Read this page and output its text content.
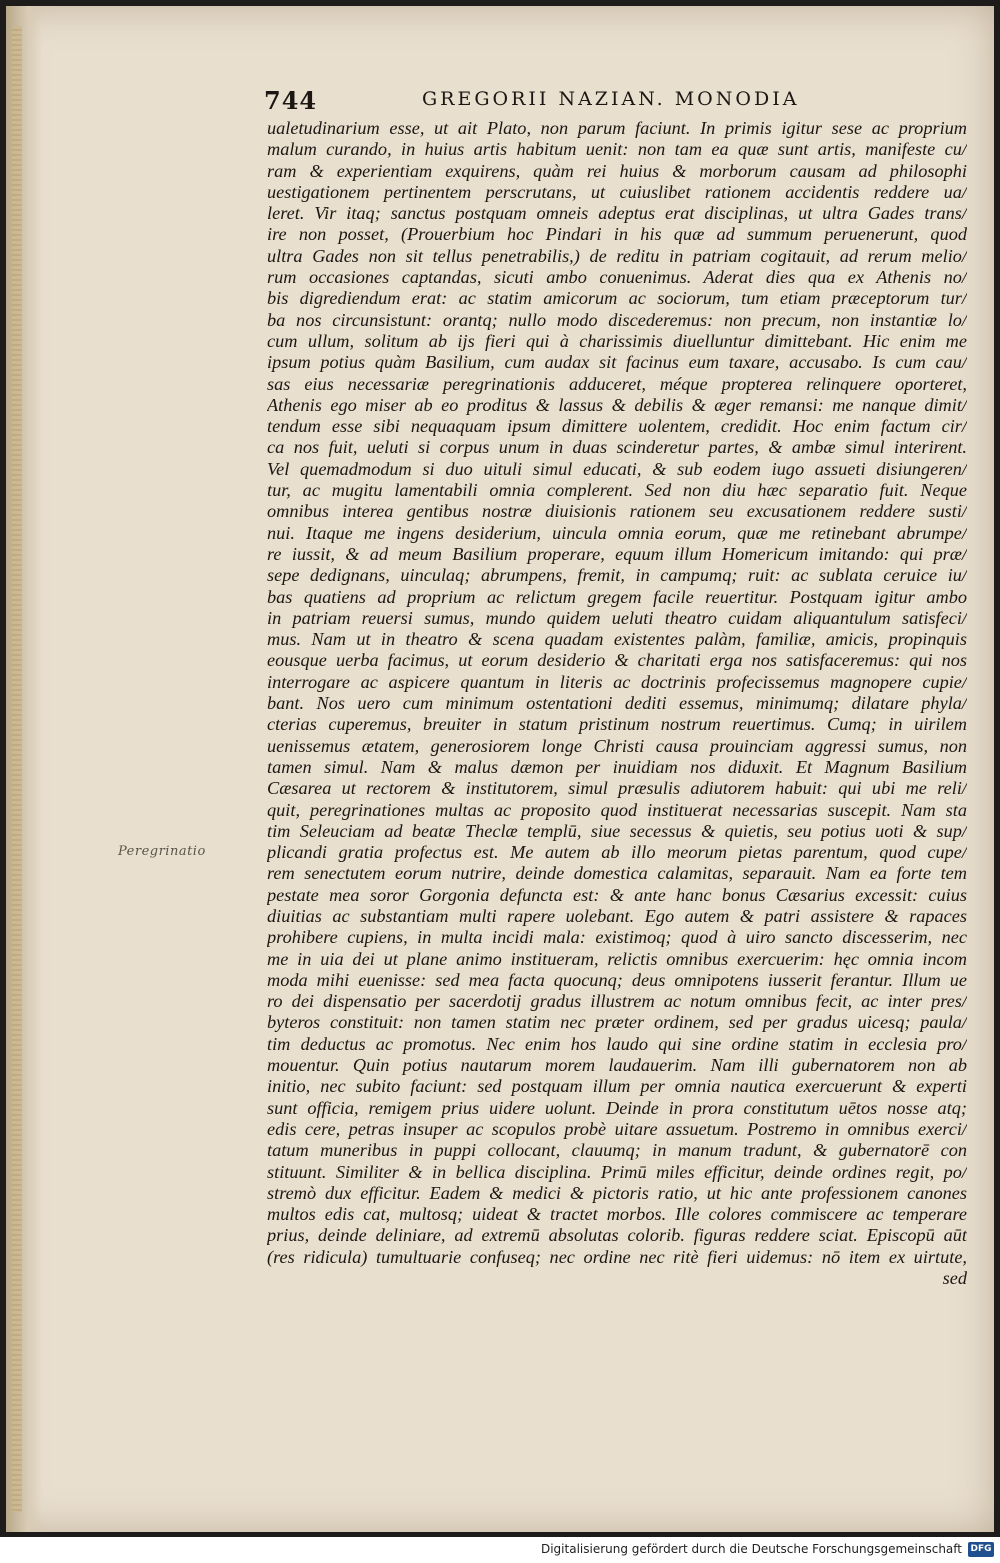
744	GREGORII NAZIAN. MONODIA
Peregrinatio
ualetudinarium esse, ut ait Plato, non parum faciunt. In primis igitur sese ac proprium
malum curando, in huius artis habitum uenit: non tam ea quæ sunt artis, manifeste cu/
ram & experientiam exquirens, quàm rei huius & morborum causam ad philosophi
uestigationem pertinentem perscrutans, ut cuiuslibet rationem accidentis reddere ua/
leret. Vir itaq; sanctus postquam omneis adeptus erat disciplinas, ut ultra Gades trans/
ire non posset, (Prouerbium hoc Pindari in his quæ ad summum peruenerunt, quod
ultra Gades non sit tellus penetrabilis,) de reditu in patriam cogitauit, ad rerum melio/
rum occasiones captandas, sicuti ambo conuenimus. Aderat dies qua ex Athenis no/
bis digrediendum erat: ac statim amicorum ac sociorum, tum etiam præceptorum tur/
ba nos circunsistunt: orantq; nullo modo discederemus: non precum, non instantiæ lo/
cum ullum, solitum ab ijs fieri qui à charissimis diuelluntur dimittebant. Hic enim me
ipsum potius quàm Basilium, cum audax sit facinus eum taxare, accusabo. Is cum cau/
sas eius necessariæ peregrinationis adduceret, méque propterea relinquere oporteret,
Athenis ego miser ab eo proditus & lassus & debilis & æger remansi: me nanque dimit/
tendum esse sibi nequaquam ipsum dimittere uolentem, credidit. Hoc enim factum cir/
ca nos fuit, ueluti si corpus unum in duas scinderetur partes, & ambæ simul interirent.
Vel quemadmodum si duo uituli simul educati, & sub eodem iugo assueti disiungeren/
tur, ac mugitu lamentabili omnia complerent. Sed non diu hæc separatio fuit. Neque
omnibus interea gentibus nostræ diuisionis rationem seu excusationem reddere susti/
nui. Itaque me ingens desiderium, uincula omnia eorum, quæ me retinebant abrumpe/
re iussit, & ad meum Basilium properare, equum illum Homericum imitando: qui præ/
sepe dedignans, uinculaq; abrumpens, fremit, in campumq; ruit: ac sublata ceruice iu/
bas quatiens ad proprium ac relictum gregem facile reuertitur. Postquam igitur ambo
in patriam reuersi sumus, mundo quidem ueluti theatro cuidam aliquantulum satisfeci/
mus. Nam ut in theatro & scena quadam existentes palàm, familiæ, amicis, propinquis
eousque uerba facimus, ut eorum desiderio & charitati erga nos satisfaceremus: qui nos
interrogare ac aspicere quantum in literis ac doctrinis profecissemus magnopere cupie/
bant. Nos uero cum minimum ostentationi dediti essemus, minimumq; dilatare phyla/
cterias cuperemus, breuiter in statum pristinum nostrum reuertimus. Cumq; in uirilem
uenissemus ætatem, generosiorem longe Christi causa prouinciam aggressi sumus, non
tamen simul. Nam & malus dæmon per inuidiam nos diduxit. Et Magnum Basilium
Cæsarea ut rectorem & institutorem, simul præsulis adiutorem habuit: qui ubi me reli/
quit, peregrinationes multas ac proposito quod instituerat necessarias suscepit. Nam sta
tim Seleuciam ad beatæ Theclæ templū, siue secessus & quietis, seu potius uoti & sup/
plicandi gratia profectus est. Me autem ab illo meorum pietas parentum, quod cupe/
rem senectutem eorum nutrire, deinde domestica calamitas, separauit. Nam ea forte tem
pestate mea soror Gorgonia defuncta est: & ante hanc bonus Cæsarius excessit: cuius
diuitias ac substantiam multi rapere uolebant. Ego autem & patri assistere & rapaces
prohibere cupiens, in multa incidi mala: existimoq; quod à uiro sancto discesserim, nec
me in uia dei ut plane animo institueram, relictis omnibus exercuerim: hęc omnia incom
moda mihi euenisse: sed mea facta quocunq; deus omnipotens iusserit ferantur. Illum ue
ro dei dispensatio per sacerdotij gradus illustrem ac notum omnibus fecit, ac inter pres/
byteros constituit: non tamen statim nec præter ordinem, sed per gradus uicesq; paula/
tim deductus ac promotus. Nec enim hos laudo qui sine ordine statim in ecclesia pro/
mouentur. Quin potius nautarum morem laudauerim. Nam illi gubernatorem non ab
initio, nec subito faciunt: sed postquam illum per omnia nautica exercuerunt & experti
sunt officia, remigem prius uidere uolunt. Deinde in prora constitutum uētos nosse atq;
edis cere, petras insuper ac scopulos probè uitare assuetum. Postremo in omnibus exerci/
tatum muneribus in puppi collocant, clauumq; in manum tradunt, & gubernatorē con
stituunt. Similiter & in bellica disciplina. Primū miles efficitur, deinde ordines regit, po/
stremò dux efficitur. Eadem & medici & pictoris ratio, ut hic ante professionem canones
multos edis cat, multosq; uideat & tractet morbos. Ille colores commiscere ac temperare
prius, deinde deliniare, ad extremū absolutas colorib. figuras reddere sciat. Episcopū aūt
(res ridicula) tumultuarie confuseq; nec ordine nec ritè fieri uidemus: nō item ex uirtute,
sed
Digitalisierung gefördert durch die Deutsche Forschungsgemeinschaft DFG
